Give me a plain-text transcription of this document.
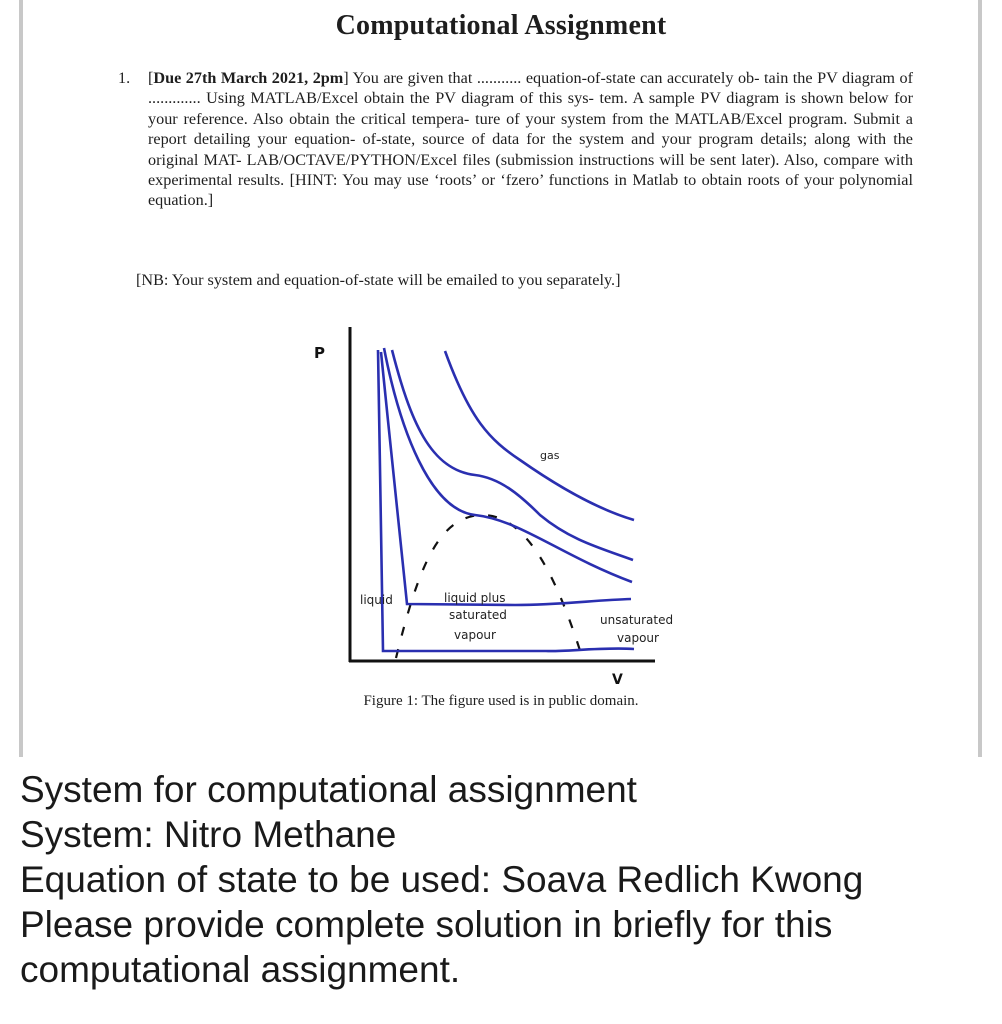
Computational Assignment
1.	[Due 27th March 2021, 2pm] You are given that ........... equation-of-state can accurately ob- tain the PV diagram of ............. Using MATLAB/Excel obtain the PV diagram of this sys- tem. A sample PV diagram is shown below for your reference. Also obtain the critical tempera- ture of your system from the MATLAB/Excel program. Submit a report detailing your equation- of-state, source of data for the system and your program details; along with the original MAT- LAB/OCTAVE/PYTHON/Excel files (submission instructions will be sent later). Also, compare with experimental results. [HINT: You may use ‘roots’ or ‘fzero’ functions in Matlab to obtain roots of your polynomial equation.]

[NB: Your system and equation-of-state will be emailed to you separately.]
P
V
gas
liquid	liquid plus
saturated
vapour
unsaturated
vapour
Figure 1: The figure used is in public domain.
System for computational assignment
System: Nitro Methane
Equation of state to be used: Soava Redlich Kwong
Please provide complete solution in briefly for this
computational assignment.
